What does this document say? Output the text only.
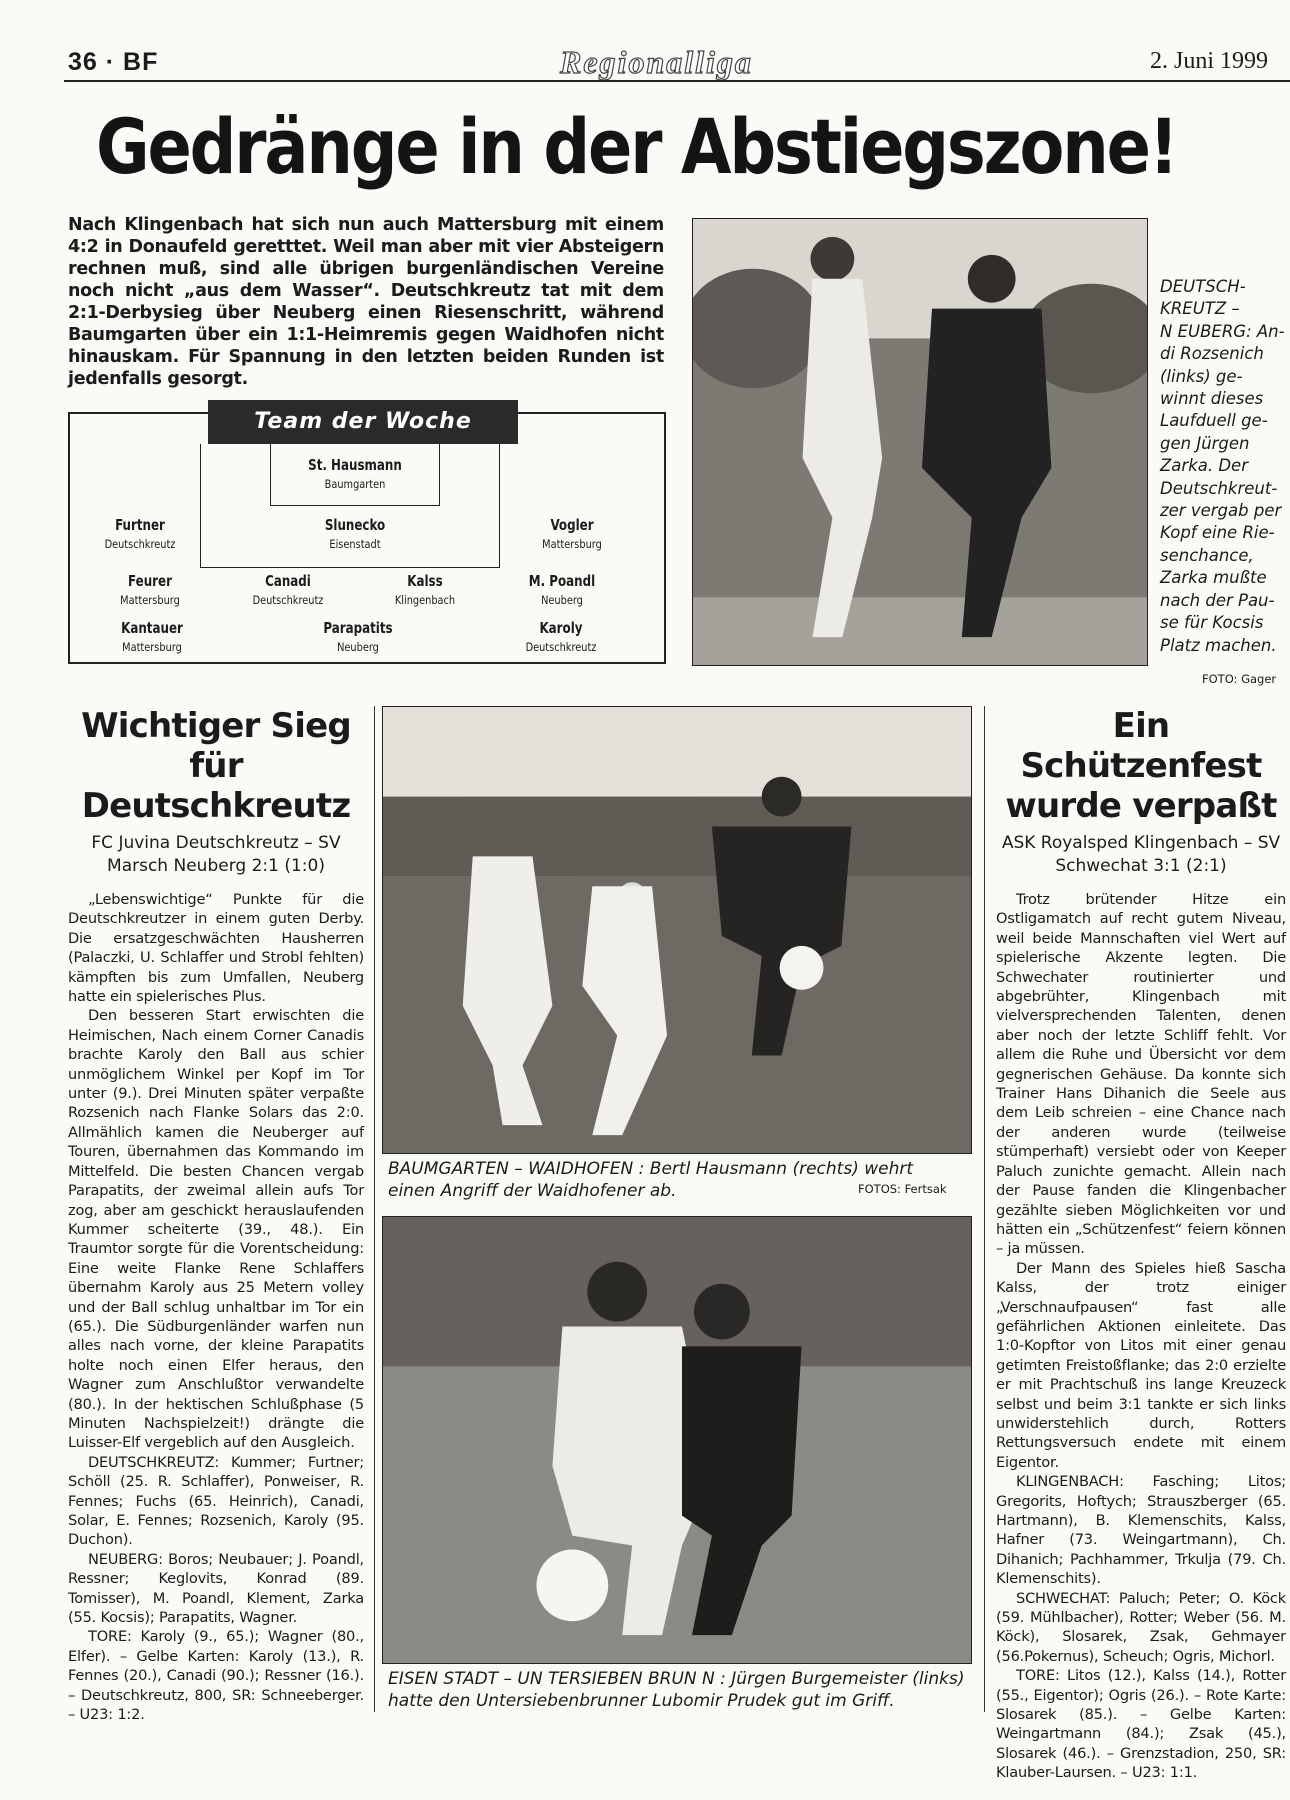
36 · BF	Regionalliga	2. Juni 1999
Gedränge in der Abstiegszone!
Nach Klingenbach hat sich nun auch Mattersburg mit einem 4:2 in Donaufeld geretttet. Weil man aber mit vier Absteigern rechnen muß, sind alle übrigen burgenländischen Vereine noch nicht „aus dem Wasser“. Deutschkreutz tat mit dem 2:1-Derbysieg über Neuberg einen Riesenschritt, während Baumgarten über ein 1:1-Heimremis gegen Waidhofen nicht hinauskam. Für Spannung in den letzten beiden Runden ist jedenfalls gesorgt.
Team der Woche
St. Hausmann
Baumgarten
Furtner
Deutschkreutz
Slunecko
Eisenstadt
Vogler
Mattersburg
Feurer
Mattersburg
Canadi
Deutschkreutz
Kalss
Klingenbach
M. Poandl
Neuberg
Kantauer
Mattersburg
Parapatits
Neuberg
Karoly
Deutschkreutz
DEUTSCH-
KREUTZ –
N EUBERG: An-
di Rozsenich
(links) ge-
winnt dieses
Laufduell ge-
gen Jürgen
Zarka. Der
Deutschkreut-
zer vergab per
Kopf eine Rie-
senchance,
Zarka mußte
nach der Pau-
se für Kocsis
Platz machen.
FOTO: Gager
Wichtiger Sieg für Deutschkreutz
FC Juvina Deutschkreutz – SV Marsch Neuberg 2:1 (1:0)

„Lebenswichtige“ Punkte für die Deutschkreutzer in einem guten Derby. Die ersatzgeschwächten Hausherren (Palaczki, U. Schlaffer und Strobl fehlten) kämpften bis zum Umfallen, Neuberg hatte ein spielerisches Plus.

Den besseren Start erwischten die Heimischen, Nach einem Corner Canadis brachte Karoly den Ball aus schier unmöglichem Winkel per Kopf im Tor unter (9.). Drei Minuten später verpaßte Rozsenich nach Flanke Solars das 2:0. Allmählich kamen die Neuberger auf Touren, übernahmen das Kommando im Mittelfeld. Die besten Chancen vergab Parapatits, der zweimal allein aufs Tor zog, aber am geschickt herauslaufenden Kummer scheiterte (39., 48.). Ein Traumtor sorgte für die Vorentscheidung: Eine weite Flanke Rene Schlaffers übernahm Karoly aus 25 Metern volley und der Ball schlug unhaltbar im Tor ein (65.). Die Südburgenländer warfen nun alles nach vorne, der kleine Parapatits holte noch einen Elfer heraus, den Wagner zum Anschlußtor verwandelte (80.). In der hektischen Schlußphase (5 Minuten Nachspielzeit!) drängte die Luisser-Elf vergeblich auf den Ausgleich.

DEUTSCHKREUTZ: Kummer; Furtner; Schöll (25. R. Schlaffer), Ponweiser, R. Fennes; Fuchs (65. Heinrich), Canadi, Solar, E. Fennes; Rozsenich, Karoly (95. Duchon).

NEUBERG: Boros; Neubauer; J. Poandl, Ressner; Keglovits, Konrad (89. Tomisser), M. Poandl, Klement, Zarka (55. Kocsis); Parapatits, Wagner.

TORE: Karoly (9., 65.); Wagner (80., Elfer). – Gelbe Karten: Karoly (13.), R. Fennes (20.), Canadi (90.); Ressner (16.). – Deutschkreutz, 800, SR: Schneeberger. – U23: 1:2.

BAUMGARTEN – WAIDHOFEN : Bertl Hausmann (rechts) wehrt einen Angriff der Waidhofener ab.	FOTOS: Fertsak
EISEN STADT – UN TERSIEBEN BRUN N : Jürgen Burgemeister (links) hatte den Untersiebenbrunner Lubomir Prudek gut im Griff.
Ein Schützenfest wurde verpaßt
ASK Royalsped Klingenbach – SV Schwechat 3:1 (2:1)

Trotz brütender Hitze ein Ostligamatch auf recht gutem Niveau, weil beide Mannschaften viel Wert auf spielerische Akzente legten. Die Schwechater routinierter und abgebrühter, Klingenbach mit vielversprechenden Talenten, denen aber noch der letzte Schliff fehlt. Vor allem die Ruhe und Übersicht vor dem gegnerischen Gehäuse. Da konnte sich Trainer Hans Dihanich die Seele aus dem Leib schreien – eine Chance nach der anderen wurde (teilweise stümperhaft) versiebt oder von Keeper Paluch zunichte gemacht. Allein nach der Pause fanden die Klingenbacher gezählte sieben Möglichkeiten vor und hätten ein „Schützenfest“ feiern können – ja müssen.

Der Mann des Spieles hieß Sascha Kalss, der trotz einiger „Verschnaufpausen“ fast alle gefährlichen Aktionen einleitete. Das 1:0-Kopftor von Litos mit einer genau getimten Freistoßflanke; das 2:0 erzielte er mit Prachtschuß ins lange Kreuzeck selbst und beim 3:1 tankte er sich links unwiderstehlich durch, Rotters Rettungsversuch endete mit einem Eigentor.

KLINGENBACH: Fasching; Litos; Gregorits, Hoftych; Strauszberger (65. Hartmann), B. Klemenschits, Kalss, Hafner (73. Weingartmann), Ch. Dihanich; Pachhammer, Trkulja (79. Ch. Klemenschits).

SCHWECHAT: Paluch; Peter; O. Köck (59. Mühlbacher), Rotter; Weber (56. M. Köck), Slosarek, Zsak, Gehmayer (56.Pokernus), Scheuch; Ogris, Michorl.

TORE: Litos (12.), Kalss (14.), Rotter (55., Eigentor); Ogris (26.). – Rote Karte: Slosarek (85.). – Gelbe Karten: Weingartmann (84.); Zsak (45.), Slosarek (46.). – Grenzstadion, 250, SR: Klauber-Laursen. – U23: 1:1.
